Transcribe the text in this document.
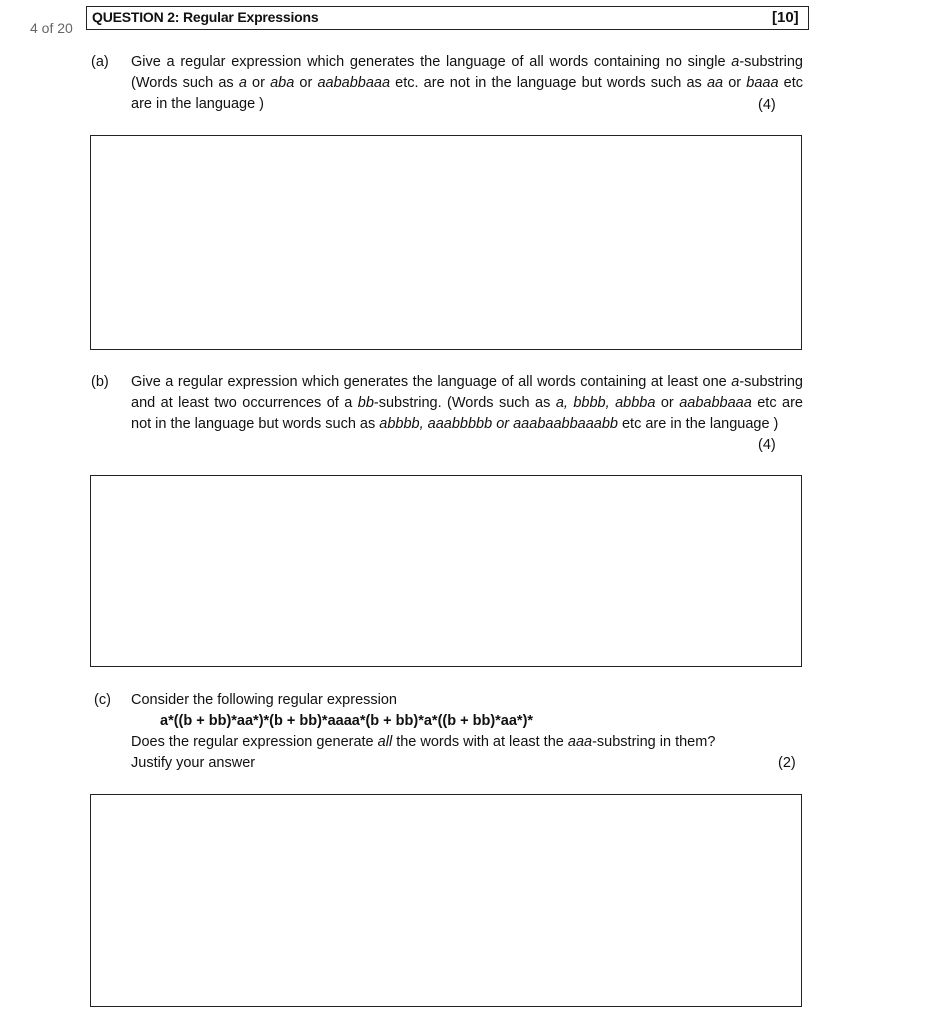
4 of 20
QUESTION 2: Regular Expressions	[10]
(a)	Give a regular expression which generates the language of all words containing no single a-substring (Words such as a or aba or aababbaaa etc. are not in the language but words such as aa or baaa etc are in the language )	(4)
(b)	Give a regular expression which generates the language of all words containing at least one a-substring and at least two occurrences of a bb-substring. (Words such as a, bbbb, abbba or aababbaaa etc are not in the language but words such as abbbb, aaabbbbb or aaabaabbaaabb etc are in the language )
(4)
(c)	Consider the following regular expression
a*((b + bb)*aa*)*(b + bb)*aaaa*(b + bb)*a*((b + bb)*aa*)*
Does the regular expression generate all the words with at least the aaa-substring in them?
Justify your answer	(2)
